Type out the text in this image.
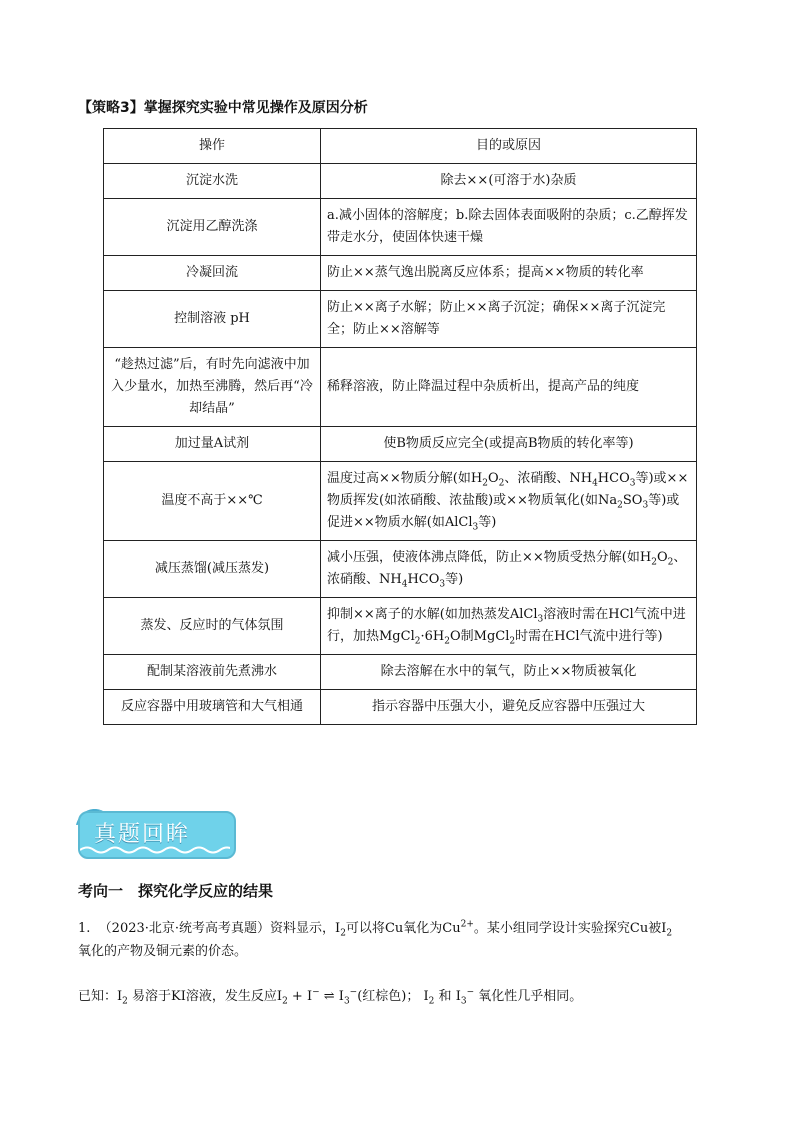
【策略3】掌握探究实验中常见操作及原因分析
操作	目的或原因
沉淀水洗	除去××(可溶于水)杂质
沉淀用乙醇洗涤	a.减小固体的溶解度；b.除去固体表面吸附的杂质；c.乙醇挥发带走水分，使固体快速干燥
冷凝回流	防止××蒸气逸出脱离反应体系；提高××物质的转化率
控制溶液 pH	防止××离子水解；防止××离子沉淀；确保××离子沉淀完全；防止××溶解等
“趁热过滤”后，有时先向滤液中加入少量水，加热至沸腾，然后再“冷却结晶”	稀释溶液，防止降温过程中杂质析出，提高产品的纯度
加过量A试剂	使B物质反应完全(或提高B物质的转化率等)
温度不高于××℃	温度过高××物质分解(如$H_2O_2$、浓硝酸、$NH_4HCO_3$等)或××物质挥发(如浓硝酸、浓盐酸)或××物质氧化(如$Na_2SO_3$等)或促进××物质水解(如AlCl$_3$等)
减压蒸馏(减压蒸发)	减小压强，使液体沸点降低，防止××物质受热分解(如$H_2O_2$、浓硝酸、$NH_4HCO_3$等)
蒸发、反应时的气体氛围	抑制××离子的水解(如加热蒸发AlCl$_3$溶液时需在HCl气流中进行，加热$MgCl_2\cdot 6H_2O$制MgCl$_2$时需在HCl气流中进行等)
配制某溶液前先煮沸水	除去溶解在水中的氧气，防止××物质被氧化
反应容器中用玻璃管和大气相通	指示容器中压强大小，避免反应容器中压强过大
真题回眸
考向一　探究化学反应的结果
1. （2023·北京·统考高考真题）资料显示，$I_2$可以将Cu氧化为$Cu^{2+}$。某小组同学设计实验探究Cu被$I_2$
氧化的产物及铜元素的价态。
已知：$I_2$ 易溶于KI溶液，发生反应$I_2 + I^-$ ⇌ $I_3^-$(红棕色)； $I_2$ 和 $I_3^-$ 氧化性几乎相同。
